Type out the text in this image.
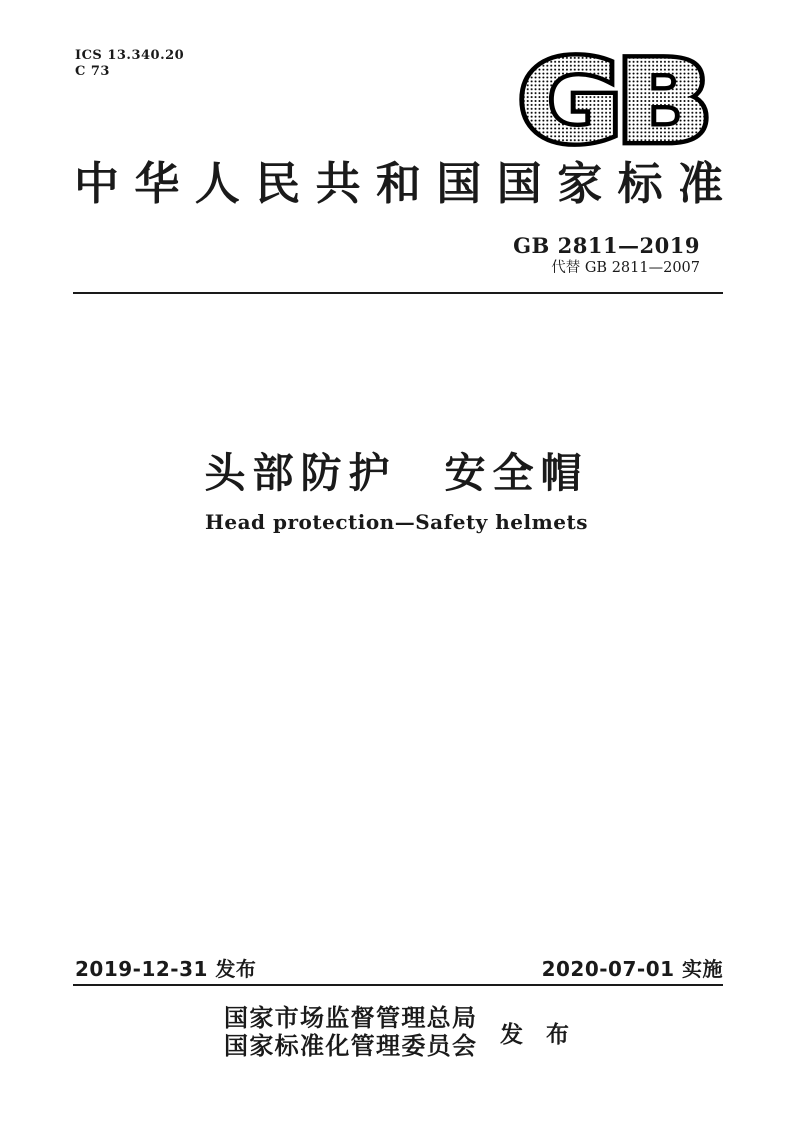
ICS 13.340.20
C 73	GB
中华人民共和国国家标准
GB 2811—2019
代替 GB 2811—2007
头部防护　安全帽
Head protection—Safety helmets
2019-12-31 发布	2020-07-01 实施
国家市场监督管理总局
国家标准化管理委员会 发　布
